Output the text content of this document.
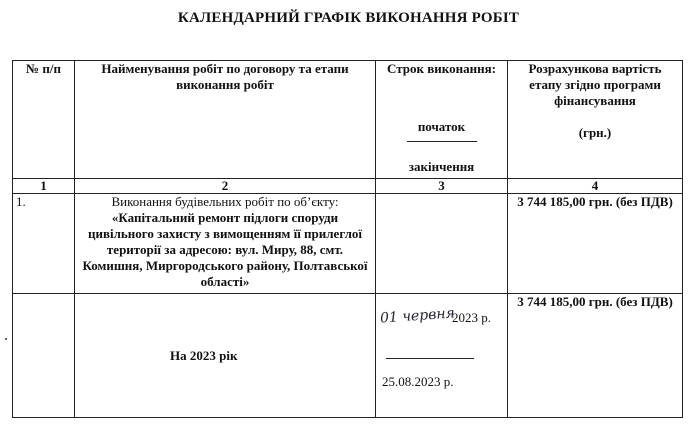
КАЛЕНДАРНИЙ ГРАФІК ВИКОНАННЯ РОБІТ
№ п/п	Найменування робіт по договору та етапи виконання робіт	Строк виконання:
початок
закінчення	Розрахункова вартість етапу згідно програми фінансування
(грн.)

1	2	3	4
1.	Виконання будівельних робіт по об’єкту: «Капітальний ремонт підлоги споруди цивільного захисту з вимощенням її прилеглої території за адресою: вул. Миру, 88, смт. Комишня, Миргородського району, Полтавської області»		3 744 185,00 грн. (без ПДВ)
	На 2023 рік	01 червня
2023 р.
25.08.2023 р.	3 744 185,00 грн. (без ПДВ)
